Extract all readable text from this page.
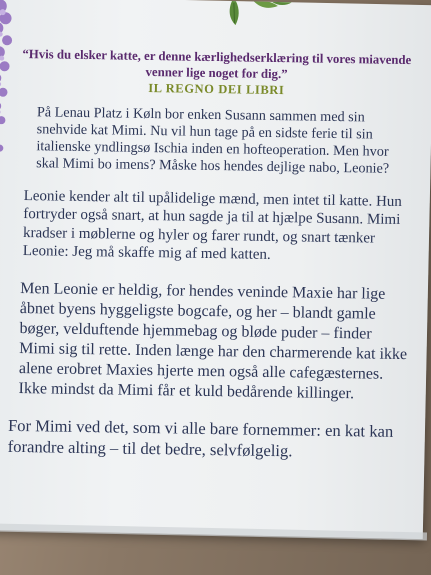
“Hvis du elsker katte, er denne kærlighedserklæring til vores miavende venner lige noget for dig.”

IL REGNO DEI LIBRI

På Lenau Platz i Køln bor enken Susann sammen med sin snehvide kat Mimi. Nu vil hun tage på en sidste ferie til sin italienske yndlingsø Ischia inden en hofteoperation. Men hvor skal Mimi bo imens? Måske hos hendes dejlige nabo, Leonie?

Leonie kender alt til upålidelige mænd, men intet til katte. Hun fortryder også snart, at hun sagde ja til at hjælpe Susann. Mimi kradser i møblerne og hyler og farer rundt, og snart tænker Leonie: Jeg må skaffe mig af med katten.

Men Leonie er heldig, for hendes veninde Maxie har lige åbnet byens hyggeligste bogcafe, og her – blandt gamle bøger, velduftende hjemmebag og bløde puder – finder Mimi sig til rette. Inden længe har den charmerende kat ikke alene erobret Maxies hjerte men også alle cafegæsternes. Ikke mindst da Mimi får et kuld bedårende killinger.

For Mimi ved det, som vi alle bare fornemmer: en kat kan forandre alting – til det bedre, selvfølgelig.
